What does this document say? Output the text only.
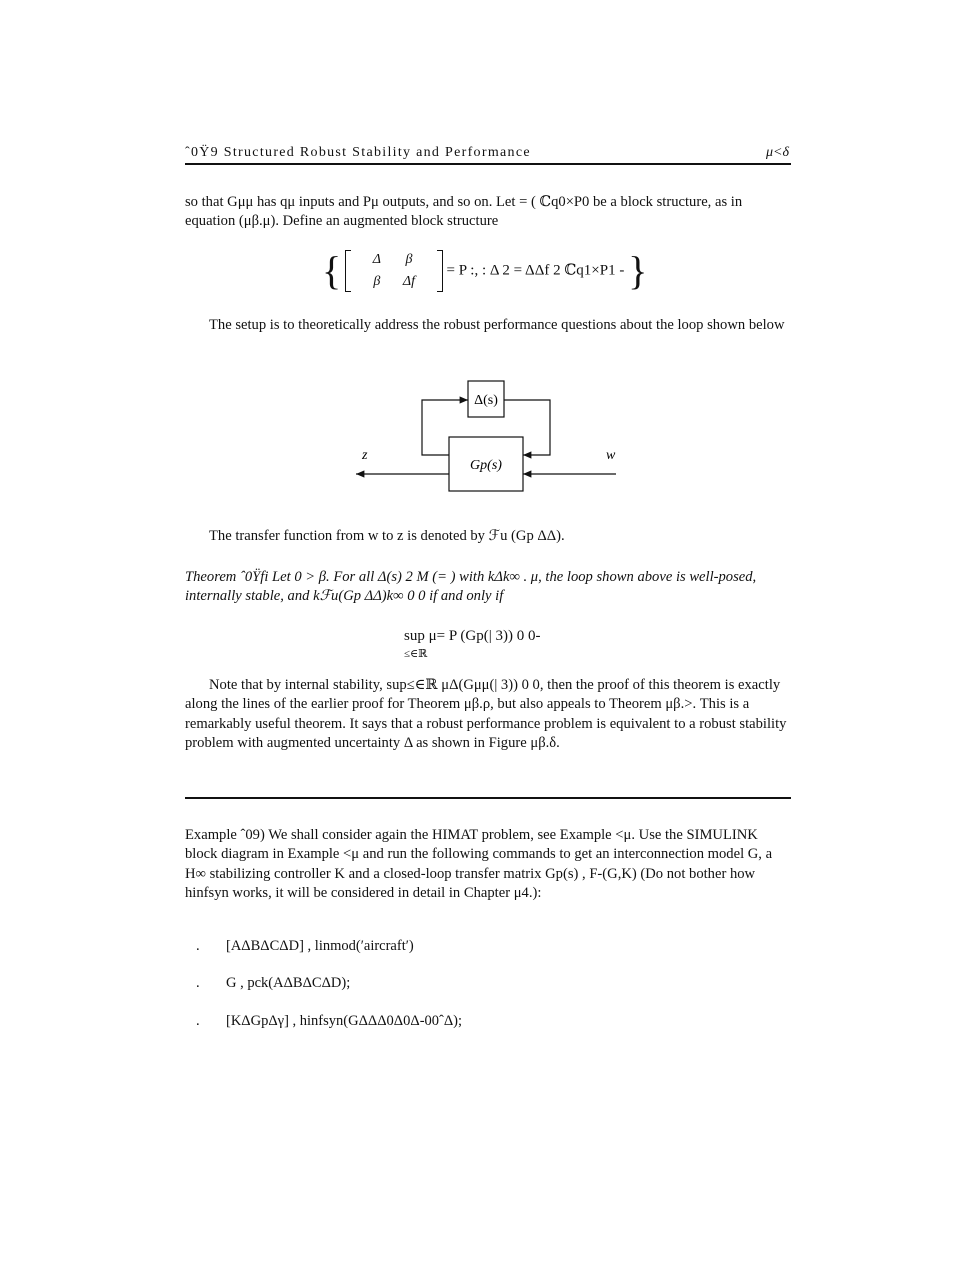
ˆ0Ÿ9 Structured Robust Stability and Performance	μ<δ

so that Gμμ has qμ inputs and Pμ outputs, and so on. Let = ( ℂq0×P0 be a block structure, as in equation (μβ.μ). Define an augmented block structure

{ Δ	β
β	Δf  = P :, : Δ 2 = ΔΔf 2 ℂq1×P1 - }

The setup is to theoretically address the robust performance questions about the loop shown below

Δ(s)
Gp(s)
z	w

The transfer function from w to z is denoted by ℱu (Gp ΔΔ).

Theorem ˆ0Ÿfi Let 0 > β. For all Δ(s) 2 M (= ) with kΔk∞ . μ, the loop shown above is well-posed, internally stable, and kℱu(Gp ΔΔ)k∞ 0 0 if and only if

sup μ= P (Gp(| 3)) 0 0-
≤∈ℝ

Note that by internal stability, sup≤∈ℝ μΔ(Gμμ(| 3)) 0 0, then the proof of this theorem is exactly along the lines of the earlier proof for Theorem μβ.ρ, but also appeals to Theorem μβ.>. This is a remarkably useful theorem. It says that a robust performance problem is equivalent to a robust stability problem with augmented uncertainty Δ as shown in Figure μβ.δ.

Example ˆ09) We shall consider again the HIMAT problem, see Example <μ. Use the SIMULINK block diagram in Example <μ and run the following commands to get an interconnection model G, a H∞ stabilizing controller K and a closed-loop transfer matrix Gp(s) , F-(G,K) (Do not bother how hinfsyn works, it will be considered in detail in Chapter μ4.):

. [AΔBΔCΔD] , linmod(′aircraft′)
. G , pck(AΔBΔCΔD);
. [KΔGpΔγ] , hinfsyn(GΔΔΔ0Δ0Δ-00ˆΔ);
